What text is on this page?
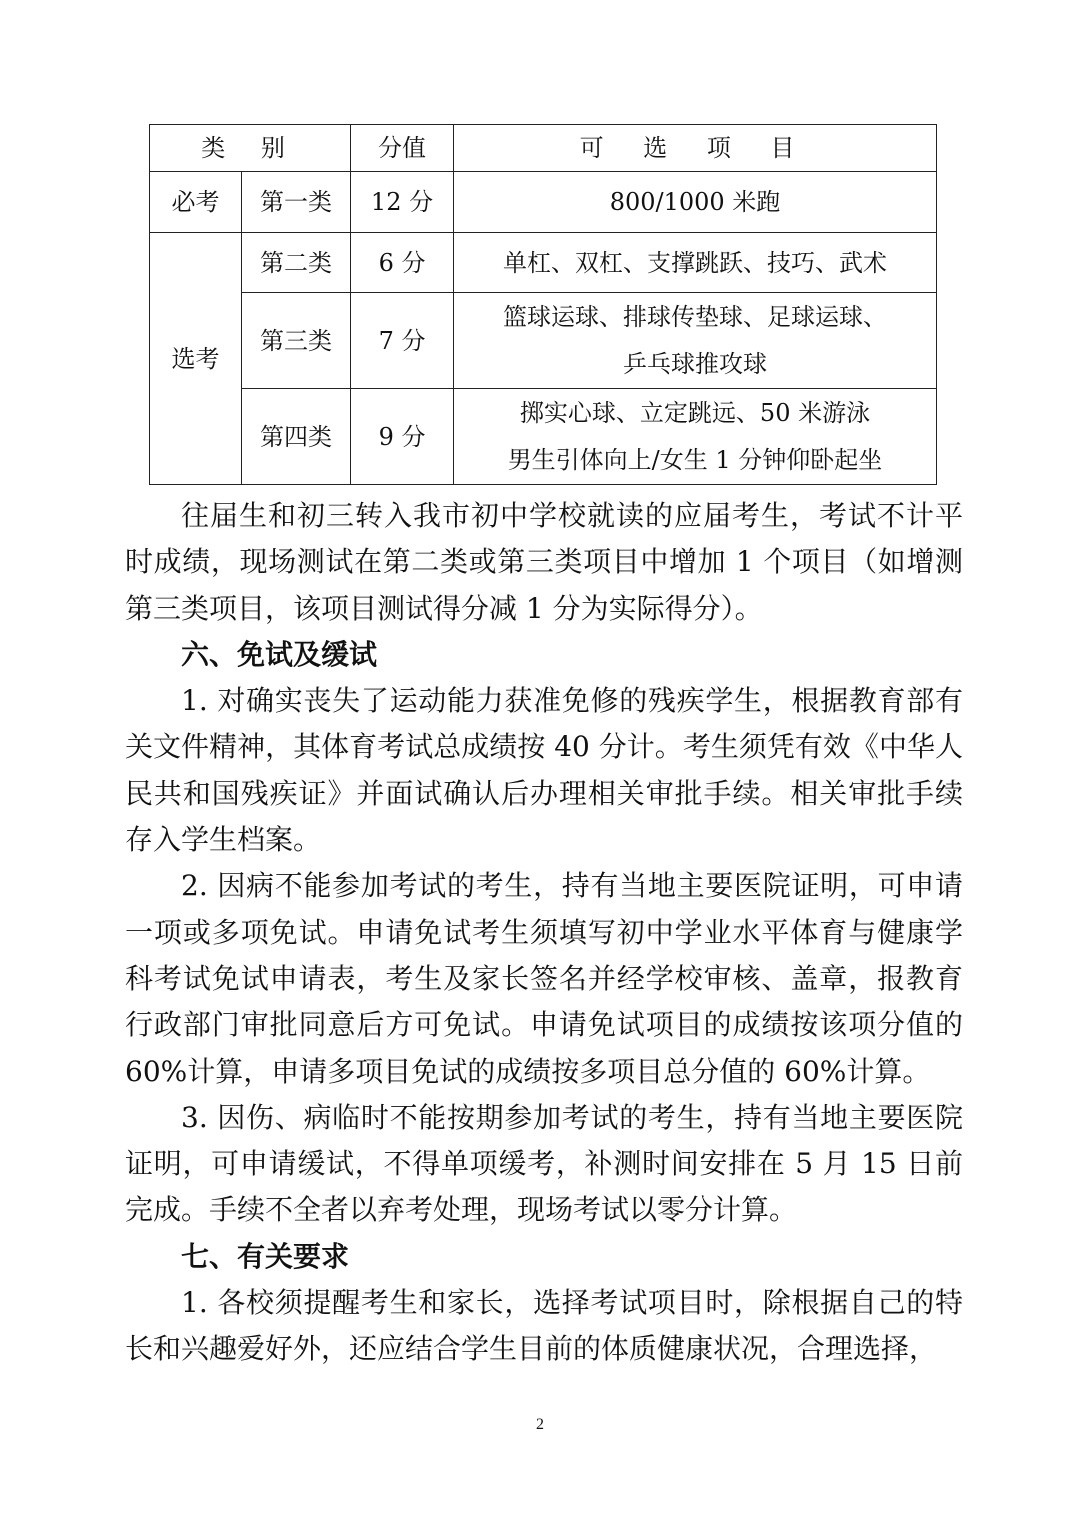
类 别		分值	可 选 项 目
必考	第一类	12 分	800/1000 米跑
选考	第二类	6 分	单杠、双杠、支撑跳跃、技巧、武术
	第三类	7 分	篮球运球、排球传垫球、足球运球、
乒乓球推攻球

	第四类	9 分	掷实心球、立定跳远、50 米游泳
男生引体向上/女生 1 分钟仰卧起坐

往届生和初三转入我市初中学校就读的应届考生，考试不计平时成绩，现场测试在第二类或第三类项目中增加 1 个项目（如增测第三类项目，该项目测试得分减 1 分为实际得分）。

六、免试及缓试

1. 对确实丧失了运动能力获准免修的残疾学生，根据教育部有关文件精神，其体育考试总成绩按 40 分计。考生须凭有效《中华人民共和国残疾证》并面试确认后办理相关审批手续。相关审批手续存入学生档案。

2. 因病不能参加考试的考生，持有当地主要医院证明，可申请一项或多项免试。申请免试考生须填写初中学业水平体育与健康学科考试免试申请表，考生及家长签名并经学校审核、盖章，报教育行政部门审批同意后方可免试。申请免试项目的成绩按该项分值的 60%计算，申请多项目免试的成绩按多项目总分值的 60%计算。

3. 因伤、病临时不能按期参加考试的考生，持有当地主要医院证明，可申请缓试，不得单项缓考，补测时间安排在 5 月 15 日前完成。手续不全者以弃考处理，现场考试以零分计算。

七、有关要求

1. 各校须提醒考生和家长，选择考试项目时，除根据自己的特长和兴趣爱好外，还应结合学生目前的体质健康状况，合理选择，

2
